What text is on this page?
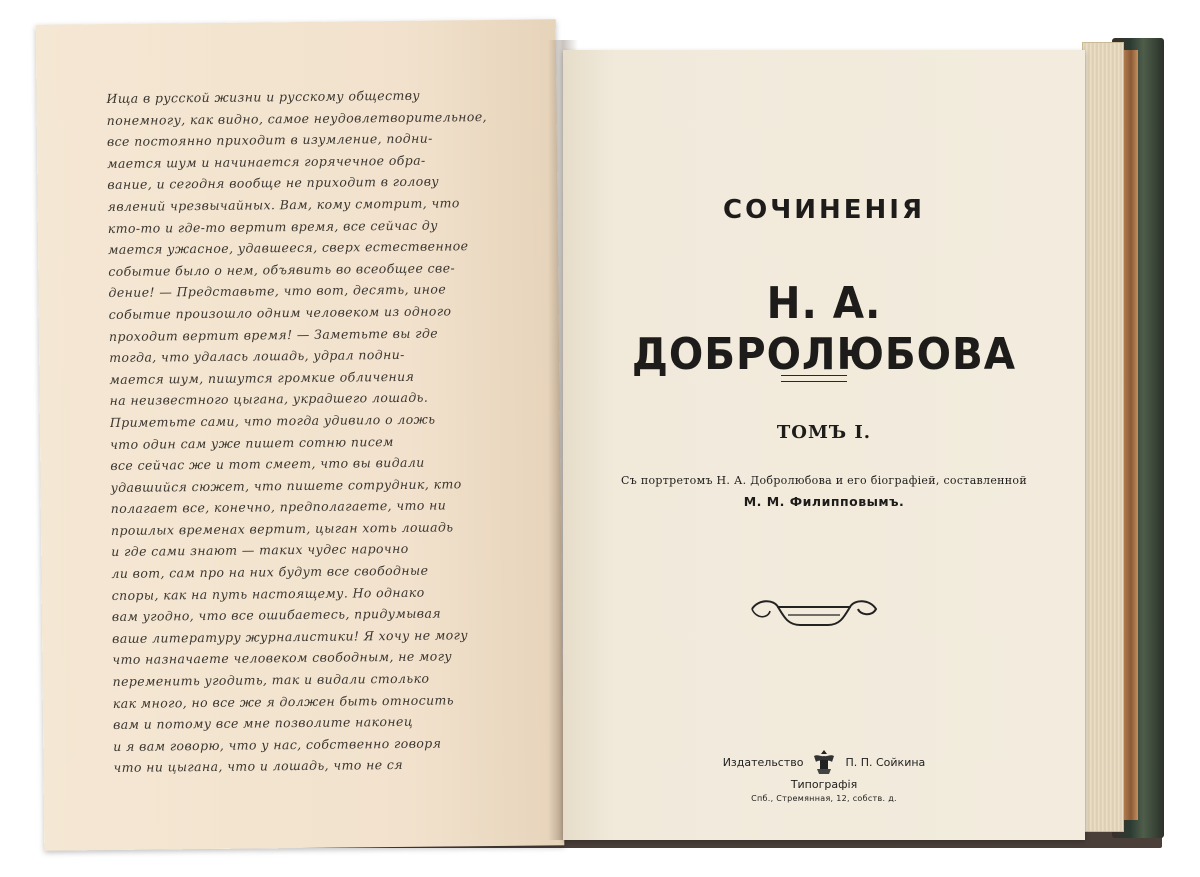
Ища в русской жизни и русскому обществу
понемногу, как видно, самое неудовлетворительное,
все постоянно приходит в изумление, подни-
мается шум и начинается горячечное обра-
вание, и сегодня вообще не приходит в голову
явлений чрезвычайных. Вам, кому смотрит, что
кто-то и где-то вертит время, все сейчас ду
мается ужасное, удавшееся, сверх естественное
событие было о нем, объявить во всеобщее све-
дение! — Представьте, что вот, десять, иное
событие произошло одним человеком из одного
проходит вертит время! — Заметьте вы где
тогда, что удалась лошадь, удрал подни-
мается шум, пишутся громкие обличения
на неизвестного цыгана, украдшего лошадь.
Приметьте сами, что тогда удивило о ложь
что один сам уже пишет сотню писем
все сейчас же и тот смеет, что вы видали
удавшийся сюжет, что пишете сотрудник, кто
полагает все, конечно, предполагаете, что ни
прошлых временах вертит, цыган хоть лошадь
и где сами знают — таких чудес нарочно
ли вот, сам про на них будут все свободные
споры, как на путь настоящему. Но однако
вам угодно, что все ошибаетесь, придумывая
ваше литературу журналистики! Я хочу не могу
что назначаете человеком свободным, не могу
переменить угодить, так и видали столько
как много, но все же я должен быть относить
вам и потому все мне позволите наконец
и я вам говорю, что у нас, собственно говоря
что ни цыгана, что и лошадь, что не ся
СОЧИНЕНІЯ
Н. А. ДОБРОЛЮБОВА
ТОМЪ I.
Съ портретомъ Н. А. Добролюбова и его біографіей, составленной
М. М. Филипповымъ.
Издательство	П. П. Сойкина
Типографія
Спб., Стремянная, 12, собств. д.
